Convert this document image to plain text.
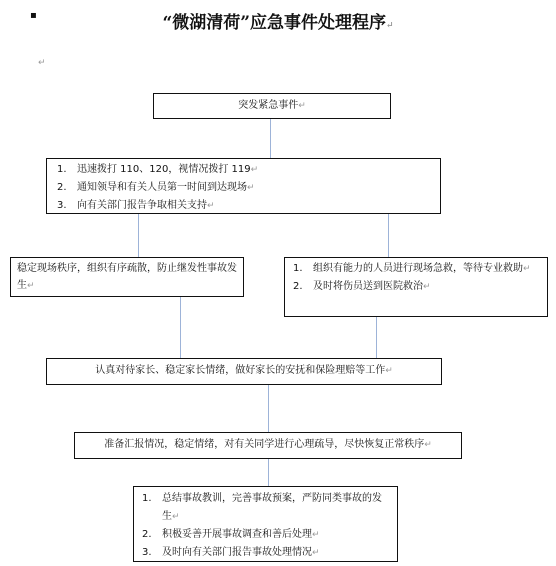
▪	“微湖清荷”应急事件处理程序↵
↵
突发紧急事件↵
1.	迅速拨打 110、120，视情况拨打 119↵
2.	通知领导和有关人员第一时间到达现场↵
3.	向有关部门报告争取相关支持↵
稳定现场秩序，组织有序疏散，防止继发性事故发生↵
1.	组织有能力的人员进行现场急救，等待专业救助↵
2.	及时将伤员送到医院救治↵
认真对待家长、稳定家长情绪，做好家长的安抚和保险理赔等工作↵
准备汇报情况，稳定情绪，对有关同学进行心理疏导，尽快恢复正常秩序↵
1.	总结事故教训，完善事故预案，严防同类事故的发生↵
2.	积极妥善开展事故调查和善后处理↵
3.	及时向有关部门报告事故处理情况↵
